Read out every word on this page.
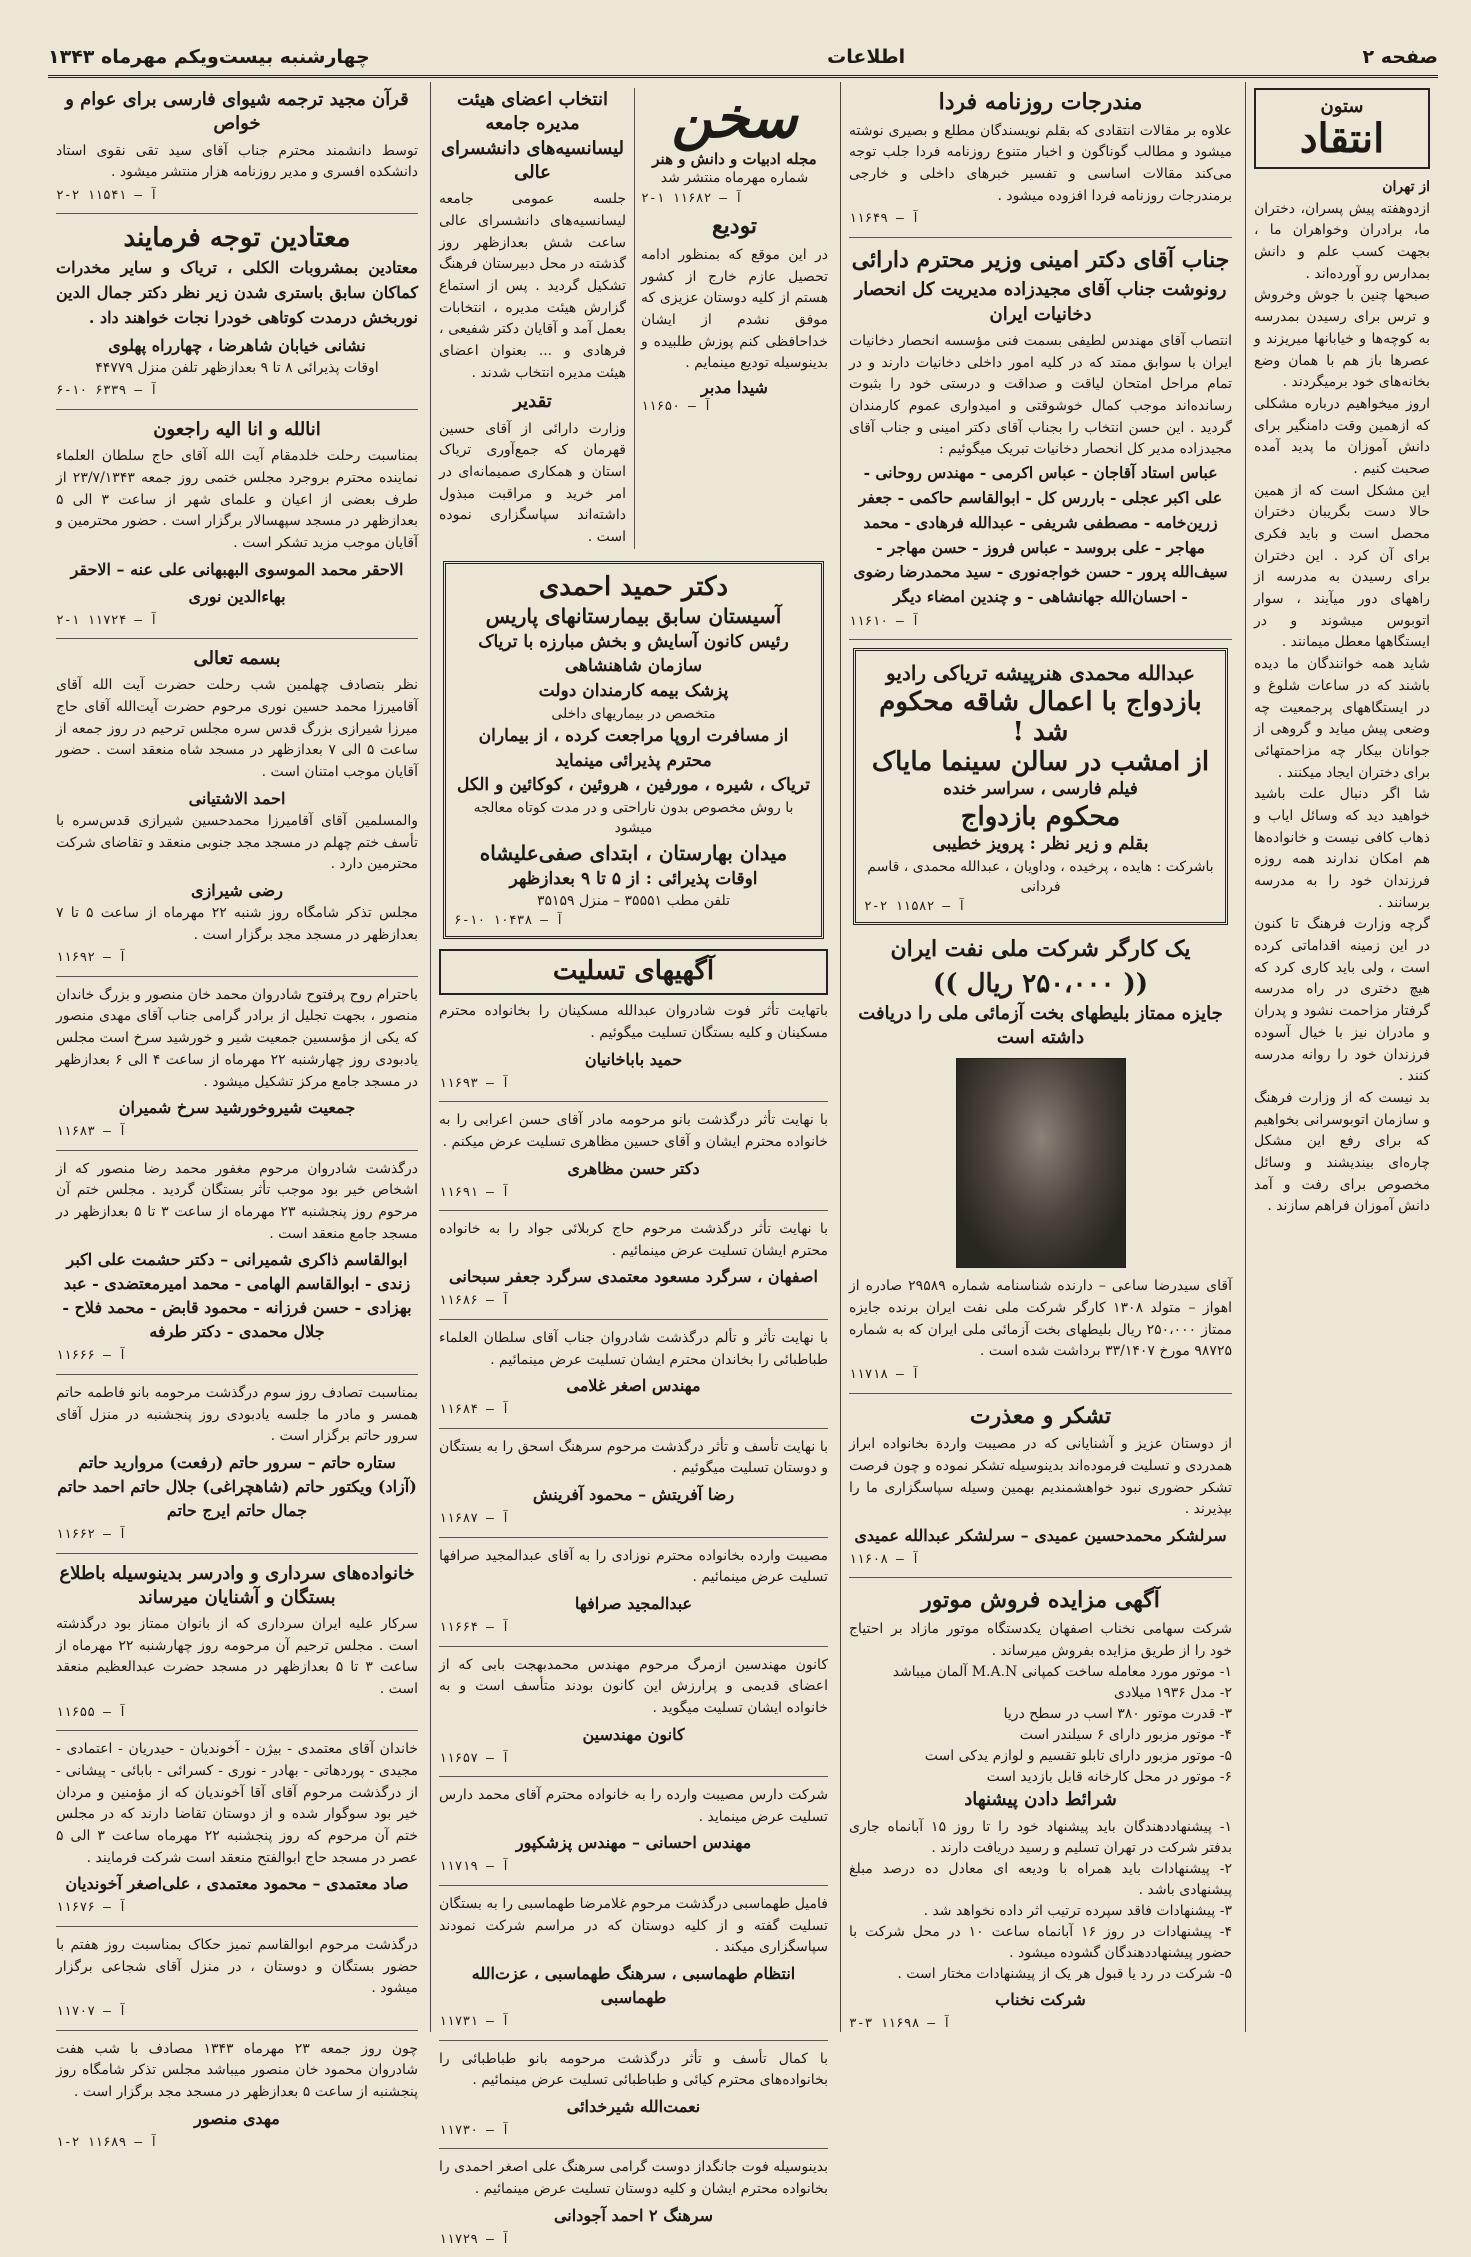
صفحه ۲
اطلاعات
چهارشنبه بیست‌ویکم مهرماه ۱۳۴۳
ستون
انتقاد
از تهران

ازدوهفته پیش پسران، دختران ما، برادران وخواهران ما ، بجهت کسب علم و دانش بمدارس رو آورده‌اند .

صبحها چنین با جوش وخروش و ترس برای رسیدن بمدرسه به کوچه‌ها و خیابانها میریزند و عصرها باز هم با همان وضع بخانه‌های خود برمیگردند .

اروز میخواهیم درباره مشکلی که ازهمین وقت دامنگیر برای دانش آموزان ما پدید آمده صحبت کنیم .

این مشکل است که از همین حالا دست بگریبان دختران محصل است و باید فکری برای آن کرد . این دختران برای رسیدن به مدرسه از راههای دور میآیند ، سوار اتوبوس میشوند و در ایستگاهها معطل میمانند .

شاید همه خوانندگان ما دیده باشند که در ساعات شلوغ و در ایستگاههای پرجمعیت چه وضعی پیش میاید و گروهی از جوانان بیکار چه مزاحمتهائی برای دختران ایجاد میکنند .

شا اگر دنبال علت باشید خواهید دید که وسائل ایاب و ذهاب کافی نیست و خانواده‌ها هم امکان ندارند همه روزه فرزندان خود را به مدرسه برسانند .

گرچه وزارت فرهنگ تا کنون در این زمینه اقداماتی کرده است ، ولی باید کاری کرد که هیچ دختری در راه مدرسه گرفتار مزاحمت نشود و پدران و مادران نیز با خیال آسوده فرزندان خود را روانه مدرسه کنند .

بد نیست که از وزارت فرهنگ و سازمان اتوبوسرانی بخواهیم که برای رفع این مشکل چاره‌ای بیندیشند و وسائل مخصوص برای رفت و آمد دانش آموزان فراهم سازند .

مندرجات روزنامه فردا
علاوه بر مقالات انتقادی که بقلم نویسندگان مطلع و بصیری نوشته میشود و مطالب گوناگون و اخبار متنوع روزنامه فردا جلب توجه می‌کند مقالات اساسی و تفسیر خبرهای داخلی و خارجی برمندرجات روزنامه فردا افزوده میشود .
آ – ۱۱۶۴۹
جناب آقای دکتر امینی وزیر محترم دارائی
رونوشت جناب آقای مجیدزاده مدیریت کل انحصار دخانیات ایران
انتصاب آقای مهندس لطیفی بسمت فنی مؤسسه انحصار دخانیات ایران با سوابق ممتد که در کلیه امور داخلی دخانیات دارند و در تمام مراحل امتحان لیاقت و صداقت و درستی خود را بثبوت رسانده‌اند موجب کمال خوشوقتی و امیدواری عموم کارمندان گردید . این حسن انتخاب را بجناب آقای دکتر امینی و جناب آقای مجیدزاده مدیر کل انحصار دخانیات تبریک میگوئیم :
عباس استاد آقاجان - عباس اکرمی - مهندس روحانی - علی اکبر عجلی - باررس کل - ابوالقاسم حاکمی - جعفر زرین‌خامه - مصطفی شریفی - عبدالله فرهادی - محمد مهاجر - علی بروسد - عباس فروز - حسن مهاجر - سیف‌الله پرور - حسن خواجه‌نوری - سید محمدرضا رضوی - احسان‌الله جهانشاهی - و چندین امضاء دیگر
آ – ۱۱۶۱۰
عبدالله محمدی هنرپیشه تریاکی رادیو
بازدواج با اعمال شاقه محکوم شد !
از امشب در سالن سینما مایاک
فیلم فارسی ، سراسر خنده
محکوم بازدواج
بقلم و زیر نظر : پرویز خطیبی
باشرکت : هایده ، پرخیده ، وداویان ، عبدالله محمدی ، قاسم فردانی
آ – ۱۱۵۸۲ ۲-۲
یک کارگر شرکت ملی نفت ایران
(( ۲۵۰،۰۰۰ ریال ))
جایزه ممتاز بلیطهای بخت آزمائی ملی را دریافت داشته است
آقای سیدرضا ساعی – دارنده شناسنامه شماره ۲۹۵۸۹ صادره از اهواز – متولد ۱۳۰۸ کارگر شرکت ملی نفت ایران برنده جایزه ممتاز ۲۵۰،۰۰۰ ریال بلیطهای بخت آزمائی ملی ایران که به شماره ۹۸۷۲۵ مورخ ۳۳/۱۴۰۷ برداشت شده است .
آ – ۱۱۷۱۸
تشکر و معذرت
از دوستان عزیز و آشنایانی که در مصیبت واردة بخانواده ابراز همدردی و تسلیت فرموده‌اند بدینوسیله تشکر نموده و چون فرصت تشکر حضوری نبود خواهشمندیم بهمین وسیله سپاسگزاری ما را بپذیرند .
سرلشکر محمدحسین عمیدی – سرلشکر عبدالله عمیدی
آ – ۱۱۶۰۸
آگهی مزایده فروش موتور
شرکت سهامی نخناب اصفهان یکدستگاه موتور مازاد بر احتیاج خود را از طریق مزایده بفروش میرساند .
۱- موتور مورد معامله ساخت کمپانی M.A.N آلمان میباشد
۲- مدل ۱۹۳۶ میلادی
۳- قدرت موتور ۳۸۰ اسب در سطح دریا
۴- موتور مزبور دارای ۶ سیلندر است
۵- موتور مزبور دارای تابلو تقسیم و لوازم یدکی است
۶- موتور در محل کارخانه قابل بازدید است
شرائط دادن پیشنهاد
۱- پیشنهاددهندگان باید پیشنهاد خود را تا روز ۱۵ آبانماه جاری بدفتر شرکت در تهران تسلیم و رسید دریافت دارند .
۲- پیشنهادات باید همراه با ودیعه ای معادل ده درصد مبلغ پیشنهادی باشد .
۳- پیشنهادات فاقد سپرده ترتیب اثر داده نخواهد شد .
۴- پیشنهادات در روز ۱۶ آبانماه ساعت ۱۰ در محل شرکت با حضور پیشنهاددهندگان گشوده میشود .
۵- شرکت در رد یا قبول هر یک از پیشنهادات مختار است .
شرکت نخناب
آ – ۱۱۶۹۸ ۳-۳
سخن
مجله ادبیات و دانش و هنر
شماره مهرماه منتشر شد
آ – ۱۱۶۸۲ ۱-۲
تودیع
در این موقع که بمنظور ادامه تحصیل عازم خارج از کشور هستم از کلیه دوستان عزیزی که موفق نشدم از ایشان خداحافظی کنم پوزش طلبیده و بدینوسیله تودیع مینمایم .
شیدا مدبر
آ – ۱۱۶۵۰
انتخاب اعضای هیئت مدیره جامعه لیسانسیه‌های دانشسرای عالی
جلسه عمومی جامعه لیسانسیه‌های دانشسرای عالی ساعت شش بعدازظهر روز گذشته در محل دبیرستان فرهنگ تشکیل گردید . پس از استماع گزارش هیئت مدیره ، انتخابات بعمل آمد و آقایان دکتر شفیعی ، فرهادی و ... بعنوان اعضای هیئت مدیره انتخاب شدند .
تقدیر
وزارت دارائی از آقای حسین قهرمان که جمع‌آوری تریاک استان و همکاری صمیمانه‌ای در امر خرید و مراقبت مبذول داشته‌اند سپاسگزاری نموده است .
دکتر حمید احمدی
آسیستان سابق بیمارستانهای پاریس
رئیس کانون آسایش و بخش مبارزه با تریاک
سازمان شاهنشاهی
پزشک بیمه کارمندان دولت
متخصص در بیماریهای داخلی
از مسافرت اروپا مراجعت کرده ، از بیماران محترم پذیرائی مینماید
تریاک ، شیره ، مورفین ، هروئین ، کوکائین و الکل
با روش مخصوص بدون ناراحتی و در مدت کوتاه معالجه میشود
میدان بهارستان ، ابتدای صفی‌علیشاه
اوقات پذیرائی : از ۵ تا ۹ بعدازظهر
تلفن مطب ۳۵۵۵۱ – منزل ۳۵۱۵۹
آ – ۱۰۴۳۸ ۱۰-۶
آگهیهای تسلیت
باتهایت تأثر فوت شادروان عبدالله مسکینان را بخانواده محترم مسکینان و کلیه بستگان تسلیت میگوئیم .
حمید باباخانیان
آ – ۱۱۶۹۳
با نهایت تأثر درگذشت بانو مرحومه مادر آقای حسن اعرابی را به خانواده محترم ایشان و آقای حسین مظاهری تسلیت عرض میکنم .
دکتر حسن مظاهری
آ – ۱۱۶۹۱
با نهایت تأثر درگذشت مرحوم حاج کربلائی جواد را به خانواده محترم ایشان تسلیت عرض مینمائیم .
اصفهان ، سرگرد مسعود معتمدی سرگرد جعفر سبحانی
آ – ۱۱۶۸۶
با نهایت تأثر و تألم درگذشت شادروان جناب آقای سلطان العلماء طباطبائی را بخاندان محترم ایشان تسلیت عرض مینمائیم .
مهندس اصغر غلامی
آ – ۱۱۶۸۴
با نهایت تأسف و تأثر درگذشت مرحوم سرهنگ اسحق را به بستگان و دوستان تسلیت میگوئیم .
رضا آفریتش – محمود آفرینش
آ – ۱۱۶۸۷
مصیبت وارده بخانواده محترم نوزادی را به آقای عبدالمجید صرافها تسلیت عرض مینمائیم .
عبدالمجید صرافها
آ – ۱۱۶۶۴
کانون مهندسین ازمرگ مرحوم مهندس محمدبهجت بابی که از اعضای قدیمی و پرارزش این کانون بودند متأسف است و به خانواده ایشان تسلیت میگوید .
کانون مهندسین
آ – ۱۱۶۵۷
شرکت دارس مصیبت وارده را به خانواده محترم آقای محمد دارس تسلیت عرض مینماید .
مهندس احسانی – مهندس پزشکپور
آ – ۱۱۷۱۹
فامیل طهماسبی درگذشت مرحوم غلامرضا طهماسبی را به بستگان تسلیت گفته و از کلیه دوستان که در مراسم شرکت نمودند سپاسگزاری میکند .
انتظام طهماسبی ، سرهنگ طهماسبی ، عزت‌الله طهماسبی
آ – ۱۱۷۳۱
با کمال تأسف و تأثر درگذشت مرحومه بانو طباطبائی را بخانواده‌های محترم کیائی و طباطبائی تسلیت عرض مینمائیم .
نعمت‌الله شیرخدائی
آ – ۱۱۷۳۰
بدینوسیله فوت جانگداز دوست گرامی سرهنگ علی اصغر احمدی را بخانواده محترم ایشان و کلیه دوستان تسلیت عرض مینمائیم .
سرهنگ ۲ احمد آجودانی
آ – ۱۱۷۲۹
قرآن مجید ترجمه شیوای فارسی برای عوام و خواص
توسط دانشمند محترم جناب آقای سید تقی نقوی استاد دانشکده افسری و مدیر روزنامه هزار منتشر میشود .
آ – ۱۱۵۴۱ ۲-۲
معتادین توجه فرمایند
معتادین بمشروبات الکلی ، تریاک و سایر مخدرات کماکان سابق باستری شدن زیر نظر دکتر جمال الدین نوربخش درمدت کوتاهی خودرا نجات خواهند داد .
نشانی خیابان شاهرضا ، چهارراه پهلوی
اوقات پذیرائی ۸ تا ۹ بعدازظهر تلفن منزل ۴۴۷۷۹
آ – ۶۳۳۹ ۱۰-۶
انالله و انا الیه راجعون
بمناسبت رحلت خلدمقام آیت الله آقای حاج سلطان العلماء نماینده محترم بروجرد مجلس ختمی روز جمعه ۲۳/۷/۱۳۴۳ از طرف بعضی از اعیان و علمای شهر از ساعت ۳ الی ۵ بعدازظهر در مسجد سپهسالار برگزار است . حضور محترمین و آقایان موجب مزید تشکر است .
الاحقر محمد الموسوی البهبهانی علی عنه – الاحقر
بهاءالدین نوری
آ – ۱۱۷۲۴ ۱-۲
بسمه تعالی
نظر بتصادف چهلمین شب رحلت حضرت آیت الله آقای آقامیرزا محمد حسین نوری مرحوم حضرت آیت‌الله آقای حاج میرزا شیرازی بزرگ قدس سره مجلس ترحیم در روز جمعه از ساعت ۵ الی ۷ بعدازظهر در مسجد شاه منعقد است . حضور آقایان موجب امتنان است .
احمد الاشتیانی
والمسلمین آقای آقامیرزا محمدحسین شیرازی قدس‌سره با تأسف ختم چهلم در مسجد مجد جنوبی منعقد و تقاضای شرکت محترمین دارد .
رضی شیرازی
مجلس تذکر شامگاه روز شنبه ۲۲ مهرماه از ساعت ۵ تا ۷ بعدازظهر در مسجد مجد برگزار است .
آ – ۱۱۶۹۲
باحترام روح پرفتوح شادروان محمد خان منصور و بزرگ خاندان منصور ، بجهت تجلیل از برادر گرامی جناب آقای مهدی منصور که یکی از مؤسسین جمعیت شیر و خورشید سرخ است مجلس یادبودی روز چهارشنبه ۲۲ مهرماه از ساعت ۴ الی ۶ بعدازظهر در مسجد جامع مرکز تشکیل میشود .
جمعیت شیروخورشید سرخ شمیران
آ – ۱۱۶۸۳
درگذشت شادروان مرحوم مغفور محمد رضا منصور که از اشخاص خیر بود موجب تأثر بستگان گردید . مجلس ختم آن مرحوم روز پنجشنبه ۲۳ مهرماه از ساعت ۳ تا ۵ بعدازظهر در مسجد جامع منعقد است .
ابوالقاسم ذاکری شمیرانی – دکتر حشمت علی اکبر زندی - ابوالقاسم الهامی - محمد امیرمعتضدی - عبد بهزادی - حسن فرزانه - محمود قابض - محمد فلاح - جلال محمدی - دکتر طرفه
آ – ۱۱۶۶۶
بمناسبت تصادف روز سوم درگذشت مرحومه بانو فاطمه حاتم همسر و مادر ما جلسه یادبودی روز پنجشنبه در منزل آقای سرور حاتم برگزار است .
ستاره حاتم – سرور حاتم (رفعت) مروارید حاتم (آزاد) ویکتور حاتم (شاهچراغی) جلال حاتم احمد حاتم جمال حاتم ایرج حاتم
آ – ۱۱۶۶۲
خانواده‌های سرداری و وادرسر بدینوسیله باطلاع بستگان و آشنایان میرساند
سرکار علیه ایران سرداری که از بانوان ممتاز بود درگذشته است . مجلس ترحیم آن مرحومه روز چهارشنبه ۲۲ مهرماه از ساعت ۳ تا ۵ بعدازظهر در مسجد حضرت عبدالعظیم منعقد است .
آ – ۱۱۶۵۵
خاندان آقای معتمدی - بیژن - آخوندیان - حیدریان - اعتمادی - مجیدی - پوردهاتی - بهادر - نوری - کسرائی - بابائی - پیشانی - از درگذشت مرحوم آقای آقا آخوندیان که از مؤمنین و مردان خیر بود سوگوار شده و از دوستان تقاضا دارند که در مجلس ختم آن مرحوم که روز پنجشنبه ۲۲ مهرماه ساعت ۳ الی ۵ عصر در مسجد حاج ابوالفتح منعقد است شرکت فرمایند .
صاد معتمدی – محمود معتمدی ، علی‌اصغر آخوندیان
آ – ۱۱۶۷۶
درگذشت مرحوم ابوالقاسم تمیز حکاک بمناسبت روز هفتم با حضور بستگان و دوستان ، در منزل آقای شجاعی برگزار میشود .
آ – ۱۱۷۰۷
چون روز جمعه ۲۳ مهرماه ۱۳۴۳ مصادف با شب هفت شادروان محمود خان منصور میباشد مجلس تذکر شامگاه روز پنجشنبه از ساعت ۵ بعدازظهر در مسجد مجد برگزار است .
مهدی منصور
آ – ۱۱۶۸۹ ۲-۱
